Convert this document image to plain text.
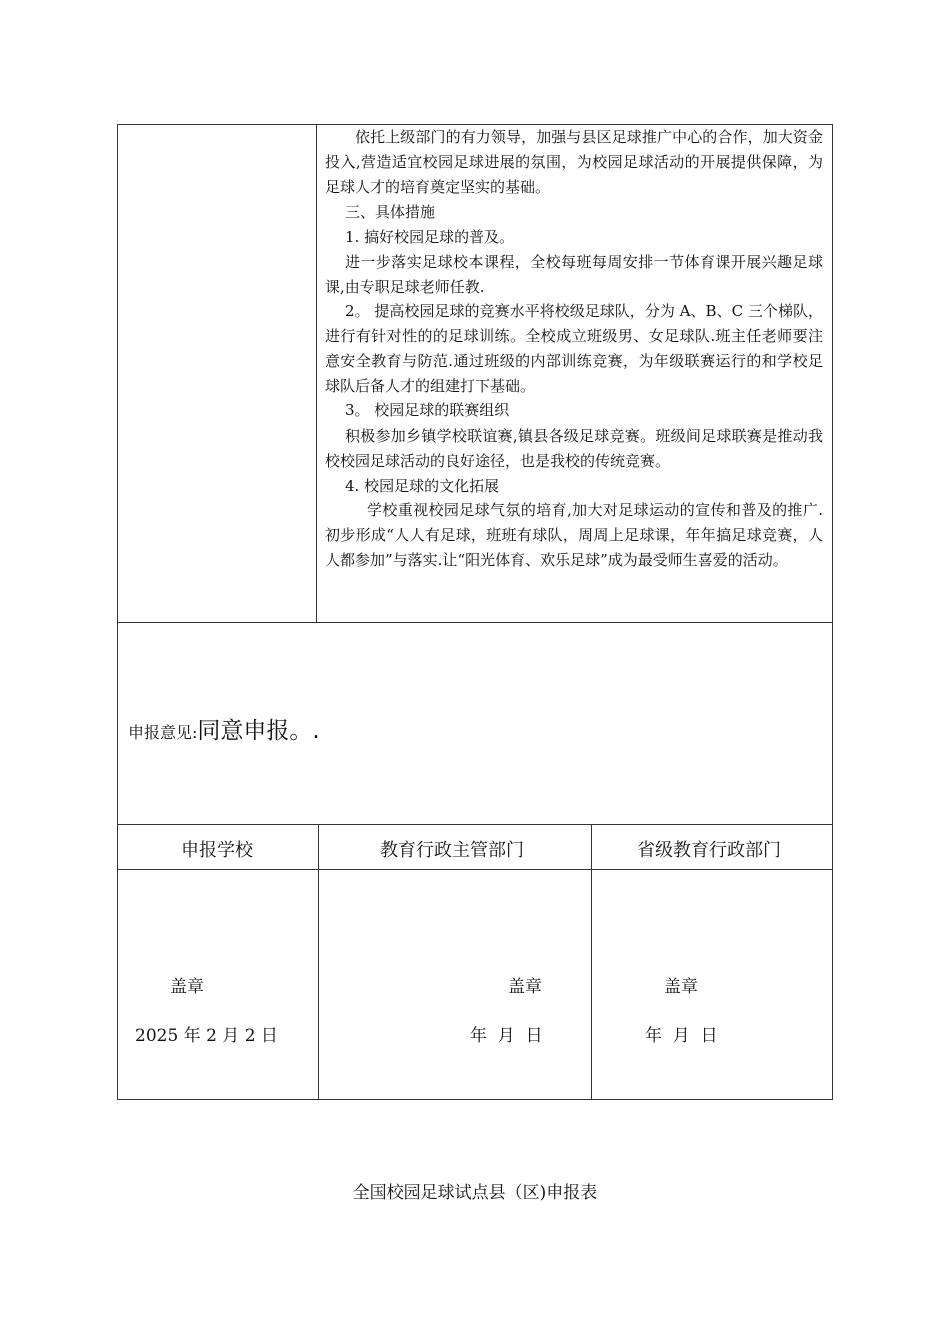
依托上级部门的有力领导，加强与县区足球推广中心的合作，加大资金投入,营造适宜校园足球进展的氛围，为校园足球活动的开展提供保障，为足球人才的培育奠定坚实的基础。
三、具体措施
1. 搞好校园足球的普及。
进一步落实足球校本课程，全校每班每周安排一节体育课开展兴趣足球课,由专职足球老师任教.
2。 提高校园足球的竞赛水平将校级足球队，分为 A、B、C 三个梯队，进行有针对性的的足球训练。全校成立班级男、女足球队.班主任老师要注意安全教育与防范.通过班级的内部训练竞赛，为年级联赛运行的和学校足球队后备人才的组建打下基础。
3。 校园足球的联赛组织
积极参加乡镇学校联谊赛,镇县各级足球竞赛。班级间足球联赛是推动我校校园足球活动的良好途径，也是我校的传统竞赛。
4. 校园足球的文化拓展
学校重视校园足球气氛的培育,加大对足球运动的宣传和普及的推广. 初步形成“人人有足球，班班有球队，周周上足球课，年年搞足球竞赛，人人都参加”与落实.让“阳光体育、欢乐足球”成为最受师生喜爱的活动。
申报意见:同意申报。.
申报学校	教育行政主管部门	省级教育行政部门
盖章	盖章	盖章
2025 年 2 月 2 日	年  月  日	年  月  日
全国校园足球试点县（区)申报表
